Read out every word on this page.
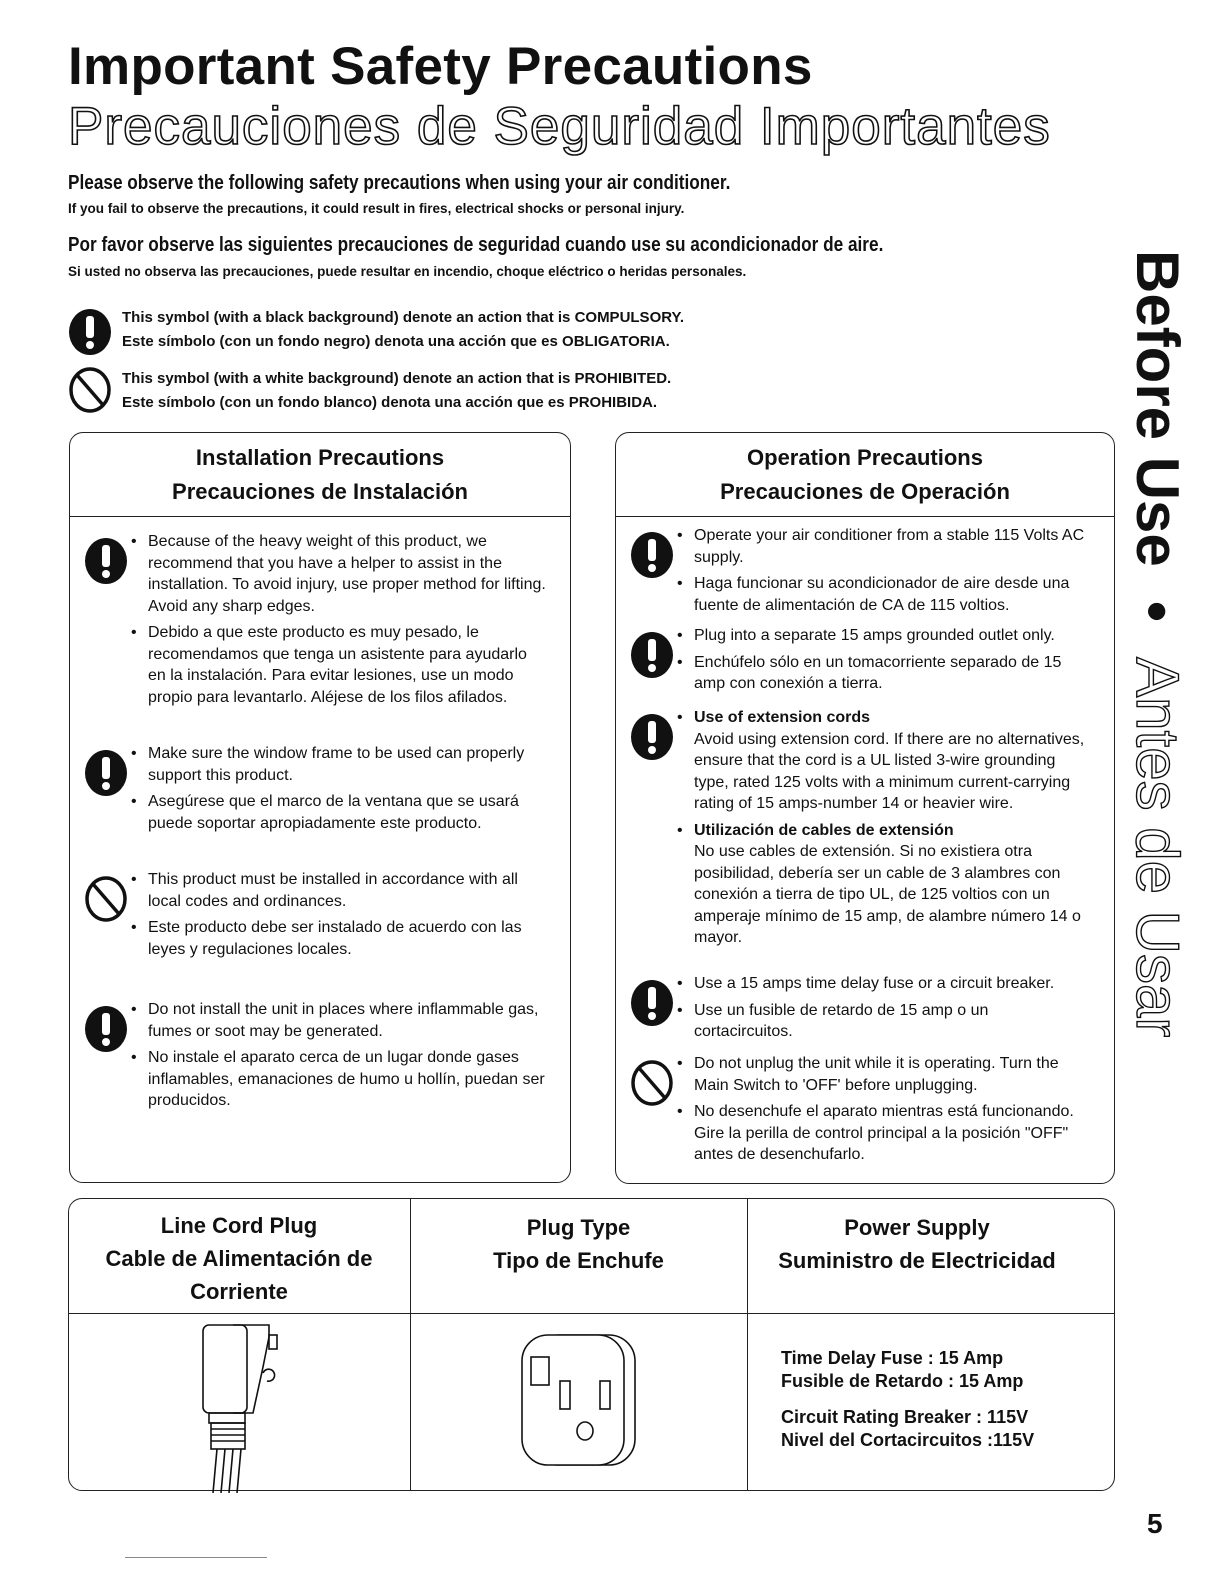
Important Safety Precautions
Precauciones de Seguridad Importantes
Please observe the following safety precautions when using your air conditioner.
If you fail to observe the precautions, it could result in fires, electrical shocks or personal injury.
Por favor observe las siguientes precauciones de seguridad cuando use su acondicionador de aire.
Si usted no observa las precauciones, puede resultar en incendio, choque eléctrico o heridas personales.
This symbol (with a black background) denote an action that is COMPULSORY.
Este símbolo (con un fondo negro) denota una acción que es OBLIGATORIA.
This symbol (with a white background) denote an action that is PROHIBITED.
Este símbolo (con un fondo blanco) denota una acción que es PROHIBIDA.
Installation Precautions
Precauciones de Instalación
• Because of the heavy weight of this product, we recommend that you have a helper to assist in the installation. To avoid injury, use proper method for lifting. Avoid any sharp edges.
• Debido a que este producto es muy pesado, le recomendamos que tenga un asistente para ayudarlo en la instalación. Para evitar lesiones, use un modo propio para levantarlo. Aléjese de los filos afilados.
• Make sure the window frame to be used can properly support this product.
• Asegúrese que el marco de la ventana que se usará puede soportar apropiadamente este producto.
• This product must be installed in accordance with all local codes and ordinances.
• Este producto debe ser instalado de acuerdo con las leyes y regulaciones locales.
• Do not install the unit in places where inflammable gas, fumes or soot may be generated.
• No instale el aparato cerca de un lugar donde gases inflamables, emanaciones de humo u hollín, puedan ser producidos.
Operation Precautions
Precauciones de Operación
• Operate your air conditioner from a stable 115 Volts AC supply.
• Haga funcionar su acondicionador de aire desde una fuente de alimentación de CA de 115 voltios.
• Plug into a separate 15 amps grounded outlet only.
• Enchúfelo sólo en un tomacorriente separado de 15 amp con conexión a tierra.
• Use of extension cords
Avoid using extension cord. If there are no alternatives, ensure that the cord is a UL listed 3-wire grounding type, rated 125 volts with a minimum current-carrying rating of 15 amps-number 14 or heavier wire.
• Utilización de cables de extensión
No use cables de extensión. Si no existiera otra posibilidad, debería ser un cable de 3 alambres con conexión a tierra de tipo UL, de 125 voltios con un amperaje mínimo de 15 amp, de alambre número 14 o mayor.
• Use a 15 amps time delay fuse or a circuit breaker.
• Use un fusible de retardo de 15 amp o un cortacircuitos.
• Do not unplug the unit while it is operating. Turn the Main Switch to 'OFF' before unplugging.
• No desenchufe el aparato mientras está funcionando. Gire la perilla de control principal a la posición "OFF" antes de desenchufarlo.
Line Cord Plug
Cable de Alimentación de Corriente
Plug Type
Tipo de Enchufe
Power Supply
Suministro de Electricidad
Time Delay Fuse : 15 Amp
Fusible de Retardo : 15 Amp
Circuit Rating Breaker : 115V
Nivel del Cortacircuitos :115V
Before Use • Antes de Usar
5
